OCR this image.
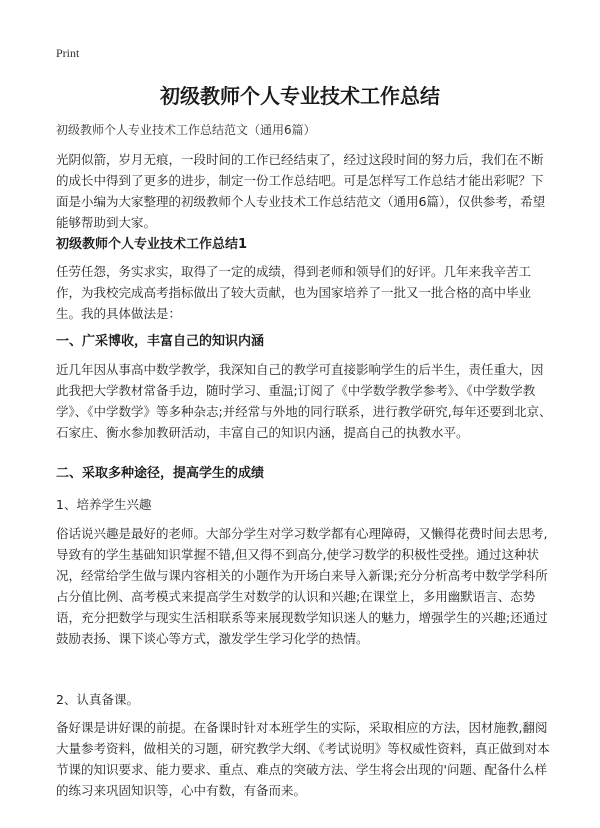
Print
初级教师个人专业技术工作总结

初级教师个人专业技术工作总结范文（通用6篇）

光阴似箭，岁月无痕，一段时间的工作已经结束了，经过这段时间的努力后，我们在不断的成长中得到了更多的进步，制定一份工作总结吧。可是怎样写工作总结才能出彩呢？下面是小编为大家整理的初级教师个人专业技术工作总结范文（通用6篇），仅供参考，希望能够帮助到大家。

初级教师个人专业技术工作总结1

任劳任怨，务实求实，取得了一定的成绩，得到老师和领导们的好评。几年来我辛苦工作，为我校完成高考指标做出了较大贡献，也为国家培养了一批又一批合格的高中毕业生。我的具体做法是：

一、广采博收，丰富自己的知识内涵

近几年因从事高中数学教学，我深知自己的教学可直接影响学生的后半生，责任重大，因此我把大学教材常备手边，随时学习、重温;订阅了《中学数学教学参考》、《中学数学教学》、《中学数学》等多种杂志;并经常与外地的同行联系，进行教学研究,每年还要到北京、石家庄、衡水参加教研活动，丰富自己的知识内涵，提高自己的执教水平。

二、采取多种途径，提高学生的成绩

1、培养学生兴趣

俗话说兴趣是最好的老师。大部分学生对学习数学都有心理障碍，又懒得花费时间去思考,导致有的学生基础知识掌握不错,但又得不到高分,使学习数学的积极性受挫。通过这种状况，经常给学生做与课内容相关的小题作为开场白来导入新课;充分分析高考中数学学科所占分值比例、高考模式来提高学生对数学的认识和兴趣;在课堂上，多用幽默语言、态势语，充分把数学与现实生活相联系等来展现数学知识迷人的魅力，增强学生的兴趣;还通过鼓励表扬、课下谈心等方式，激发学生学习化学的热情。

2、认真备课。

备好课是讲好课的前提。在备课时针对本班学生的实际，采取相应的方法，因材施教,翻阅大量参考资料，做相关的习题，研究教学大纲、《考试说明》等权威性资料，真正做到对本节课的知识要求、能力要求、重点、难点的突破方法、学生将会出现的'问题、配备什么样的练习来巩固知识等，心中有数，有备而来。
